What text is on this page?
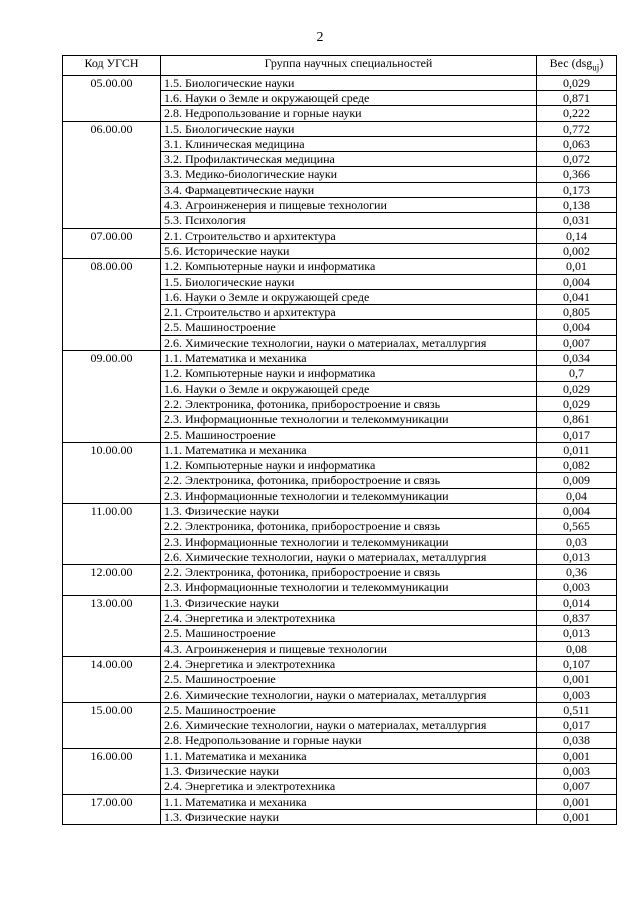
2
Код УГСН	Группа научных специальностей	Вес (dsg$_{uj}$)
05.00.00	1.5. Биологические науки	0,029
	1.6. Науки о Земле и окружающей среде	0,871
	2.8. Недропользование и горные науки	0,222
06.00.00	1.5. Биологические науки	0,772
	3.1. Клиническая медицина	0,063
	3.2. Профилактическая медицина	0,072
	3.3. Медико-биологические науки	0,366
	3.4. Фармацевтические науки	0,173
	4.3. Агроинженерия и пищевые технологии	0,138
	5.3. Психология	0,031
07.00.00	2.1. Строительство и архитектура	0,14
	5.6. Исторические науки	0,002
08.00.00	1.2. Компьютерные науки и информатика	0,01
	1.5. Биологические науки	0,004
	1.6. Науки о Земле и окружающей среде	0,041
	2.1. Строительство и архитектура	0,805
	2.5. Машиностроение	0,004
	2.6. Химические технологии, науки о материалах, металлургия	0,007
09.00.00	1.1. Математика и механика	0,034
	1.2. Компьютерные науки и информатика	0,7
	1.6. Науки о Земле и окружающей среде	0,029
	2.2. Электроника, фотоника, приборостроение и связь	0,029
	2.3. Информационные технологии и телекоммуникации	0,861
	2.5. Машиностроение	0,017
10.00.00	1.1. Математика и механика	0,011
	1.2. Компьютерные науки и информатика	0,082
	2.2. Электроника, фотоника, приборостроение и связь	0,009
	2.3. Информационные технологии и телекоммуникации	0,04
11.00.00	1.3. Физические науки	0,004
	2.2. Электроника, фотоника, приборостроение и связь	0,565
	2.3. Информационные технологии и телекоммуникации	0,03
	2.6. Химические технологии, науки о материалах, металлургия	0,013
12.00.00	2.2. Электроника, фотоника, приборостроение и связь	0,36
	2.3. Информационные технологии и телекоммуникации	0,003
13.00.00	1.3. Физические науки	0,014
	2.4. Энергетика и электротехника	0,837
	2.5. Машиностроение	0,013
	4.3. Агроинженерия и пищевые технологии	0,08
14.00.00	2.4. Энергетика и электротехника	0,107
	2.5. Машиностроение	0,001
	2.6. Химические технологии, науки о материалах, металлургия	0,003
15.00.00	2.5. Машиностроение	0,511
	2.6. Химические технологии, науки о материалах, металлургия	0,017
	2.8. Недропользование и горные науки	0,038
16.00.00	1.1. Математика и механика	0,001
	1.3. Физические науки	0,003
	2.4. Энергетика и электротехника	0,007
17.00.00	1.1. Математика и механика	0,001
	1.3. Физические науки	0,001
